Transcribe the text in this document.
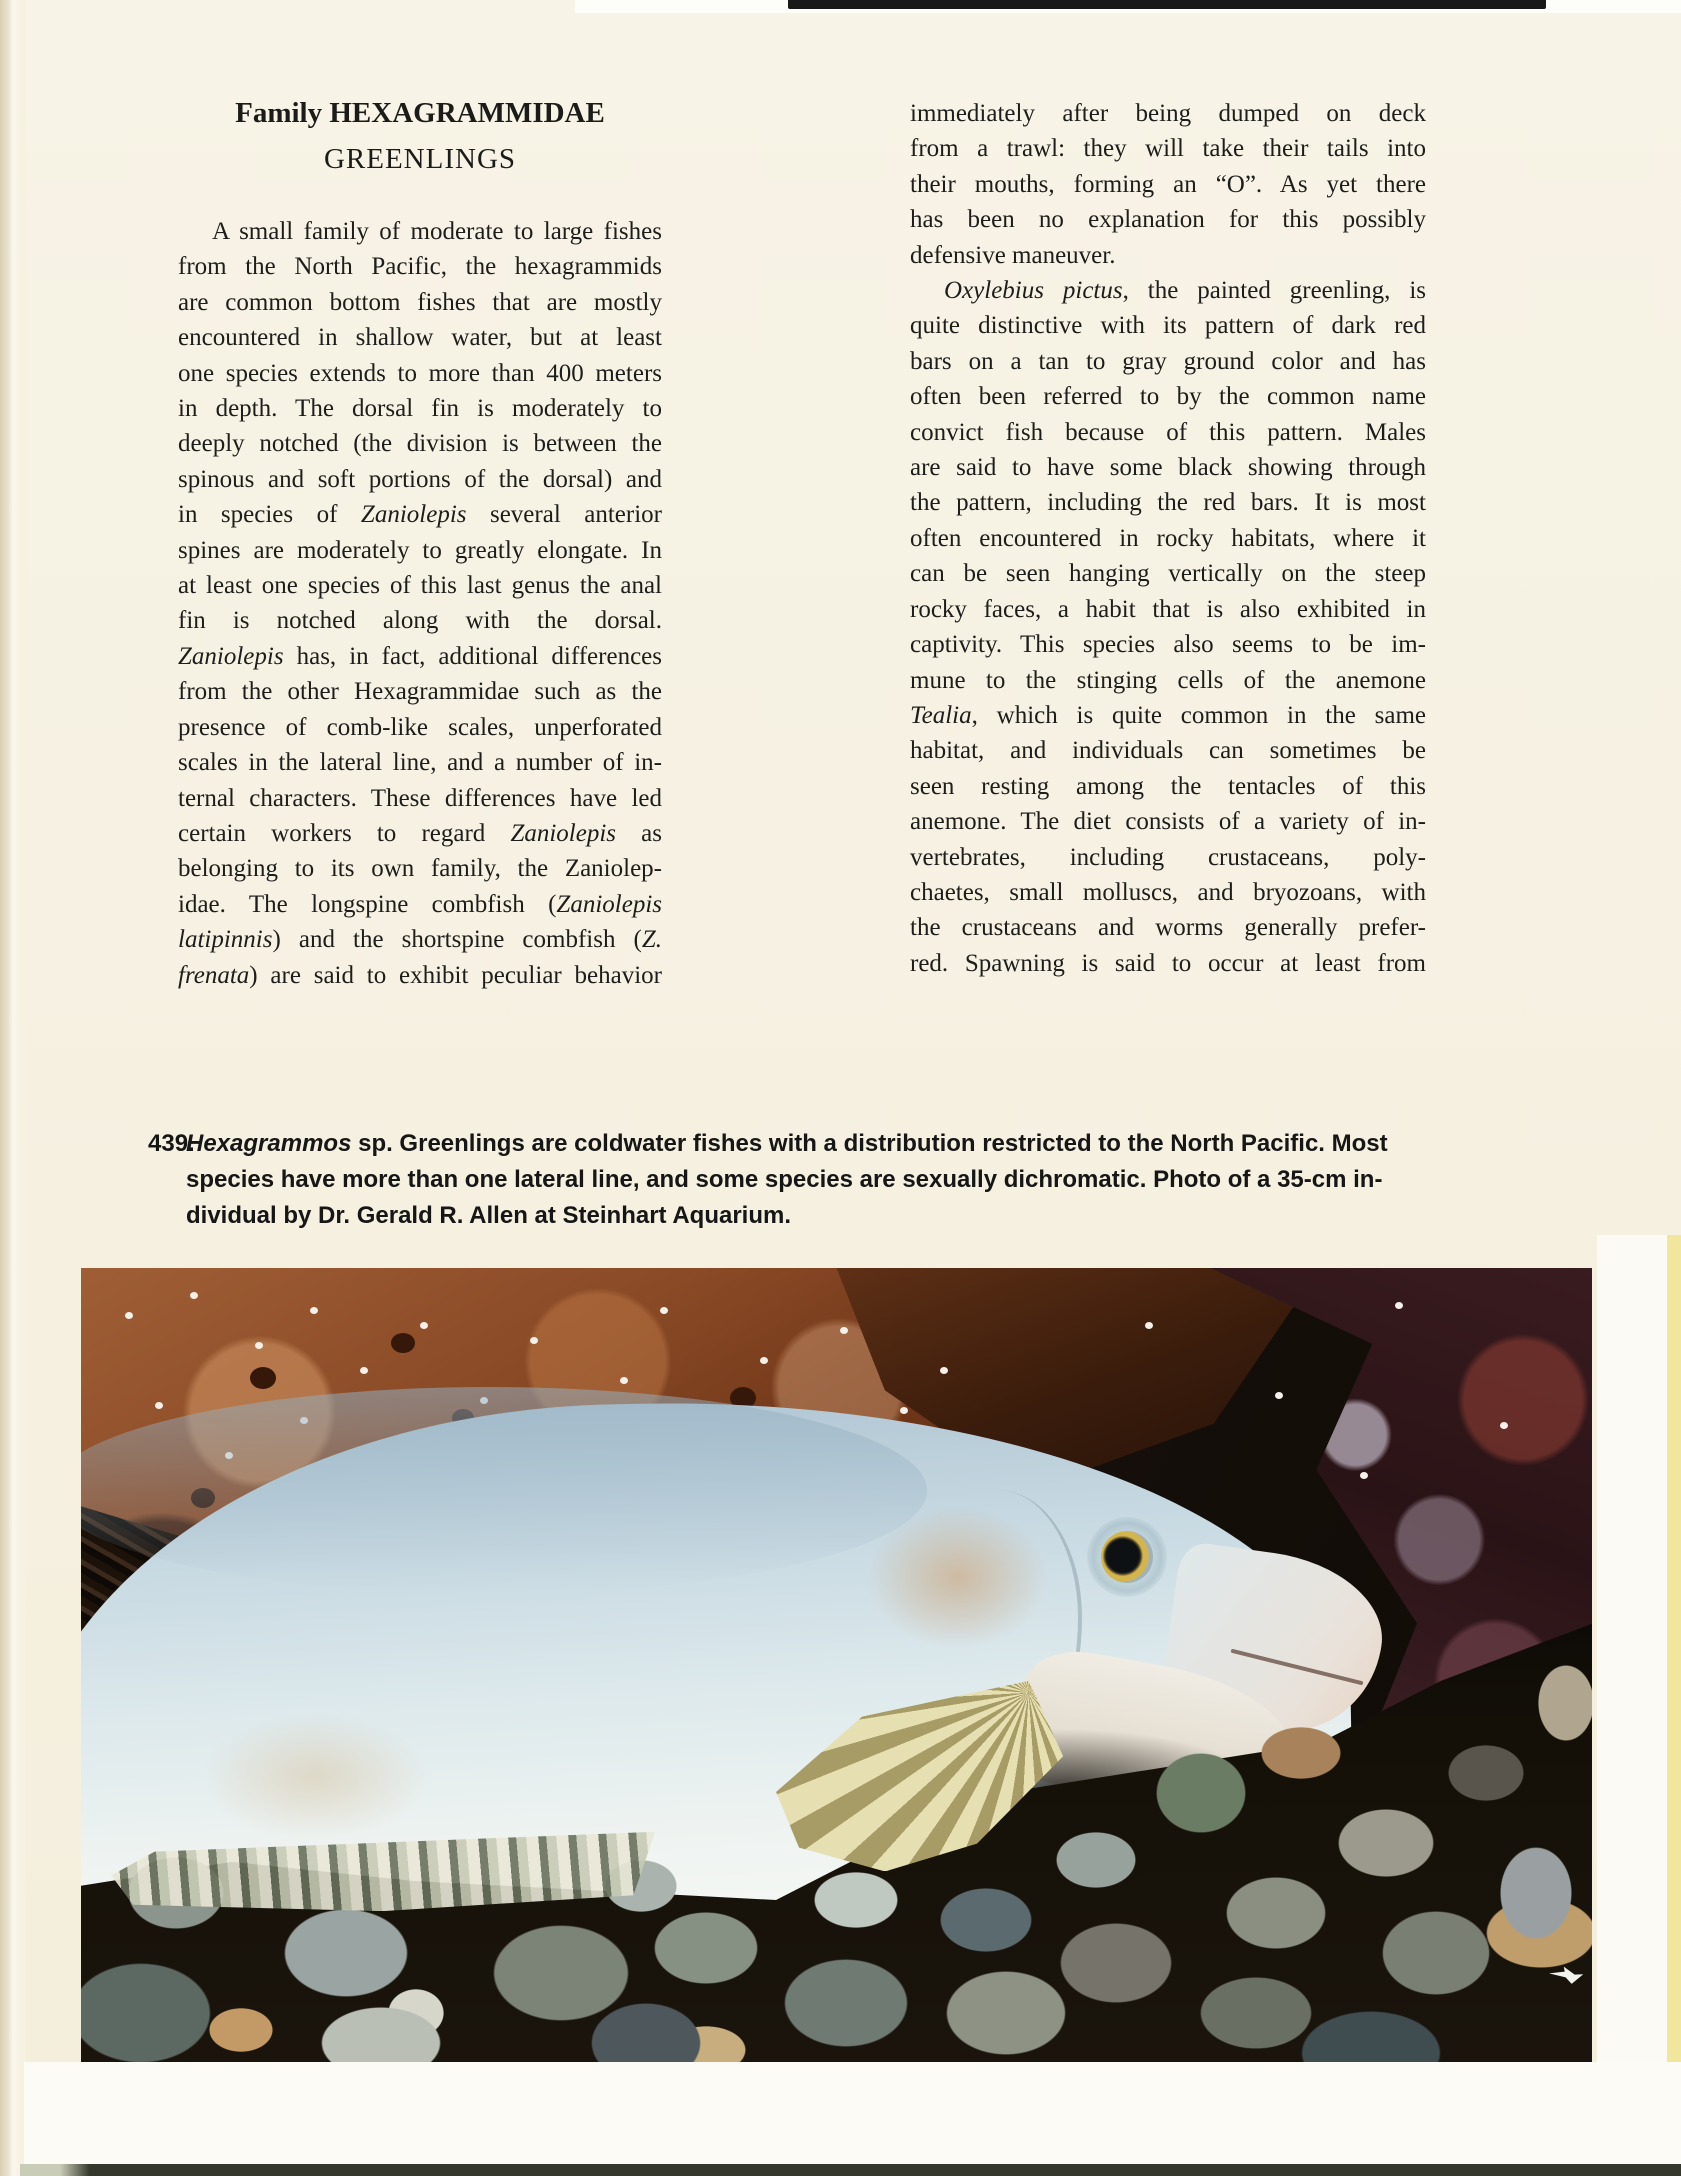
Family HEXAGRAMMIDAE
GREENLINGS
A small family of moderate to large fishes
from the North Pacific, the hexagrammids
are common bottom fishes that are mostly
encountered in shallow water, but at least
one species extends to more than 400 meters
in depth. The dorsal fin is moderately to
deeply notched (the division is between the
spinous and soft portions of the dorsal) and
in species of Zaniolepis several anterior
spines are moderately to greatly elongate. In
at least one species of this last genus the anal
fin is notched along with the dorsal.
Zaniolepis has, in fact, additional differences
from the other Hexagrammidae such as the
presence of comb-like scales, unperforated
scales in the lateral line, and a number of in-
ternal characters. These differences have led
certain workers to regard Zaniolepis as
belonging to its own family, the Zaniolep-
idae. The longspine combfish (Zaniolepis
latipinnis) and the shortspine combfish (Z.
frenata) are said to exhibit peculiar behavior
immediately after being dumped on deck
from a trawl: they will take their tails into
their mouths, forming an “O”. As yet there
has been no explanation for this possibly
defensive maneuver.
Oxylebius pictus, the painted greenling, is
quite distinctive with its pattern of dark red
bars on a tan to gray ground color and has
often been referred to by the common name
convict fish because of this pattern. Males
are said to have some black showing through
the pattern, including the red bars. It is most
often encountered in rocky habitats, where it
can be seen hanging vertically on the steep
rocky faces, a habit that is also exhibited in
captivity. This species also seems to be im-
mune to the stinging cells of the anemone
Tealia, which is quite common in the same
habitat, and individuals can sometimes be
seen resting among the tentacles of this
anemone. The diet consists of a variety of in-
vertebrates, including crustaceans, poly-
chaetes, small molluscs, and bryozoans, with
the crustaceans and worms generally prefer-
red. Spawning is said to occur at least from
439.
Hexagrammos sp. Greenlings are coldwater fishes with a distribution restricted to the North Pacific. Most
species have more than one lateral line, and some species are sexually dichromatic. Photo of a 35-cm in-
dividual by Dr. Gerald R. Allen at Steinhart Aquarium.
